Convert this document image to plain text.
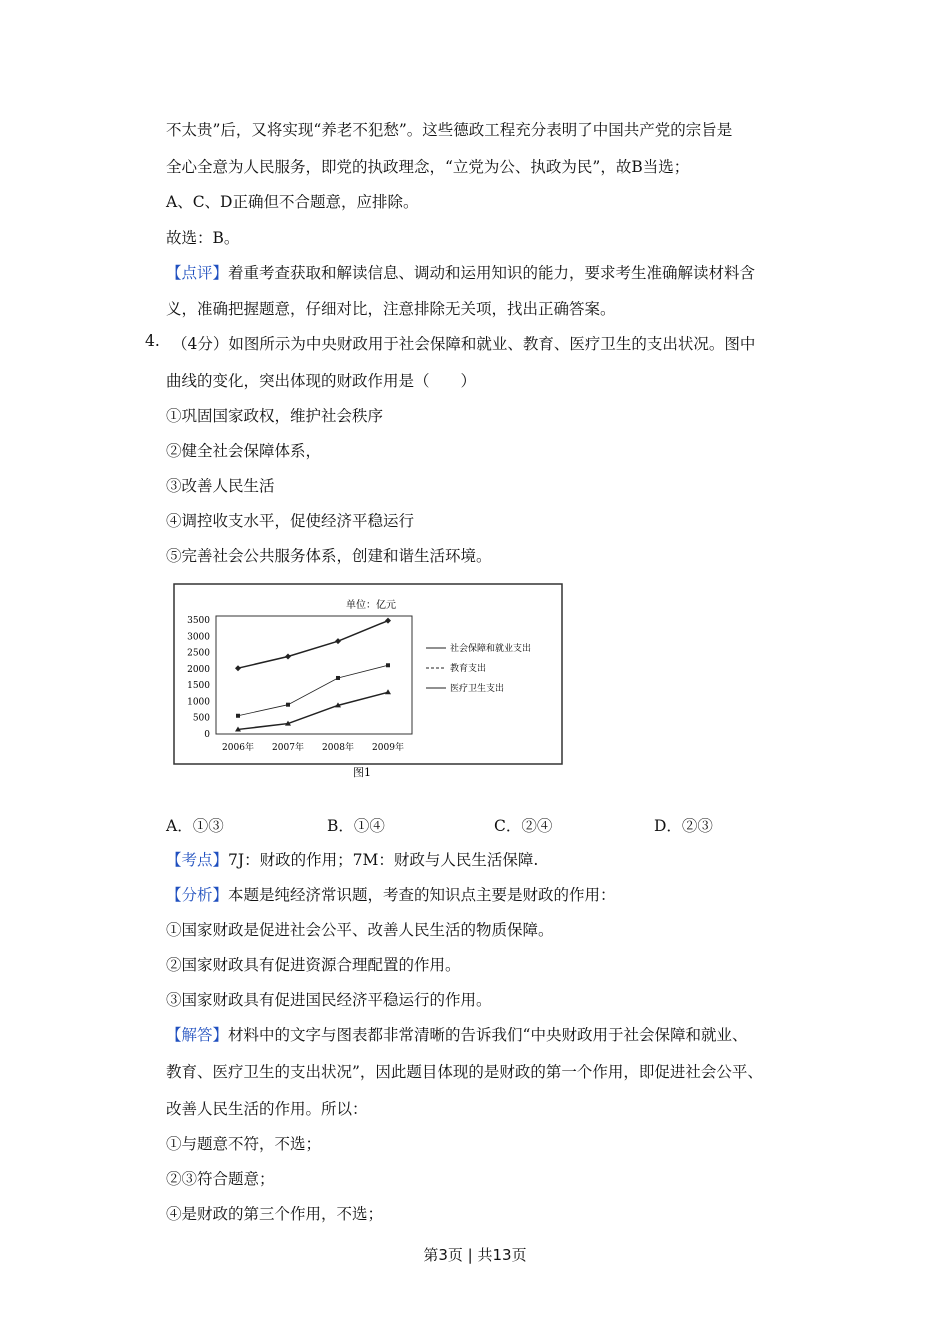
不太贵”后，又将实现“养老不犯愁”。这些德政工程充分表明了中国共产党的宗旨是
全心全意为人民服务，即党的执政理念，“立党为公、执政为民”，故B当选；
A、C、D正确但不合题意，应排除。
故选：B。
【点评】着重考查获取和解读信息、调动和运用知识的能力，要求考生准确解读材料含
义，准确把握题意，仔细对比，注意排除无关项，找出正确答案。
4. （4分）如图所示为中央财政用于社会保障和就业、教育、医疗卫生的支出状况。图中
曲线的变化，突出体现的财政作用是（　　）
①巩固国家政权，维护社会秩序
②健全社会保障体系，
③改善人民生活
④调控收支水平，促使经济平稳运行
⑤完善社会公共服务体系，创建和谐生活环境。
单位：亿元
0
500
1000
1500
2000
2500
3000
3500
2006年 2007年 2008年 2009年
社会保障和就业支出
教育支出
医疗卫生支出
图1
A．①③	B．①④	C．②④	D．②③
【考点】7J：财政的作用；7M：财政与人民生活保障.
【分析】本题是纯经济常识题，考查的知识点主要是财政的作用：
①国家财政是促进社会公平、改善人民生活的物质保障。
②国家财政具有促进资源合理配置的作用。
③国家财政具有促进国民经济平稳运行的作用。
【解答】材料中的文字与图表都非常清晰的告诉我们“中央财政用于社会保障和就业、
教育、医疗卫生的支出状况”，因此题目体现的是财政的第一个作用，即促进社会公平、
改善人民生活的作用。所以：
①与题意不符，不选；
②③符合题意；
④是财政的第三个作用，不选；
第3页 | 共13页
